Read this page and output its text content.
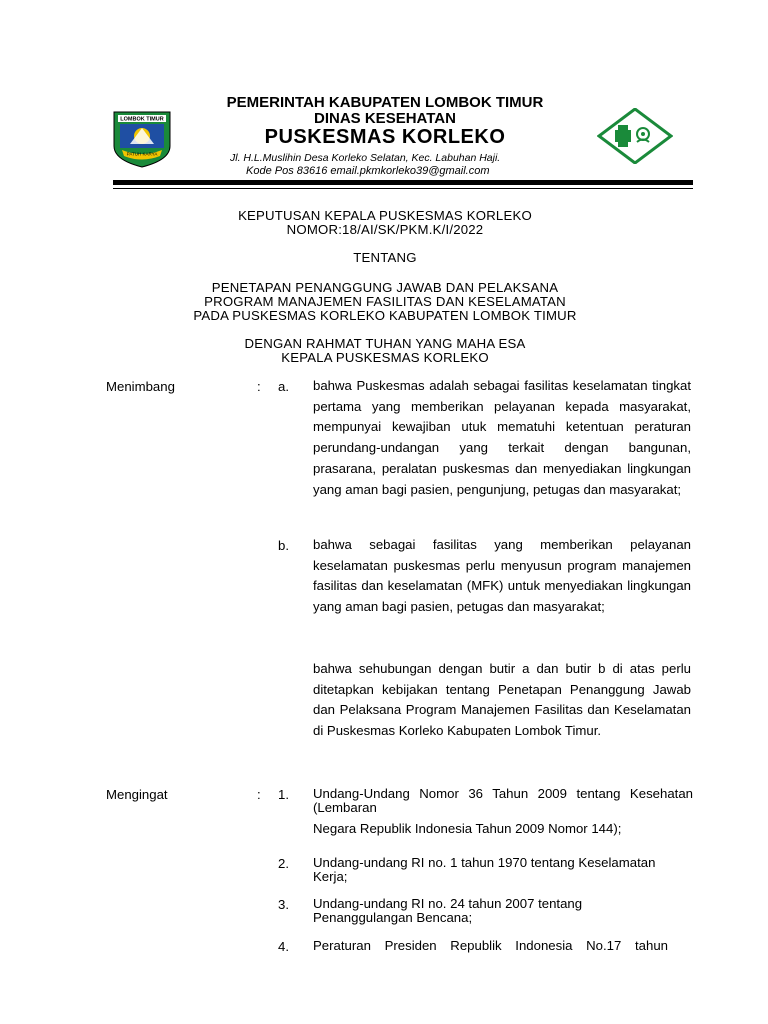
LOMBOK TIMUR
PATUH KARYA
PEMERINTAH KABUPATEN LOMBOK TIMUR
DINAS KESEHATAN
PUSKESMAS KORLEKO
Jl. H.L.Muslihin Desa Korleko Selatan, Kec. Labuhan Haji.
Kode Pos 83616 email.pkmkorleko39@gmail.com
KEPUTUSAN KEPALA PUSKESMAS KORLEKO
NOMOR:18/AI/SK/PKM.K/I/2022
TENTANG
PENETAPAN PENANGGUNG JAWAB DAN PELAKSANA
PROGRAM MANAJEMEN FASILITAS DAN KESELAMATAN
PADA PUSKESMAS KORLEKO KABUPATEN LOMBOK TIMUR
DENGAN RAHMAT TUHAN YANG MAHA ESA
KEPALA PUSKESMAS KORLEKO
Menimbang	: a. bahwa Puskesmas adalah sebagai fasilitas keselamatan tingkat pertama yang memberikan pelayanan kepada masyarakat, mempunyai kewajiban utuk mematuhi ketentuan peraturan perundang-undangan yang terkait dengan bangunan, prasarana, peralatan puskesmas dan menyediakan lingkungan yang aman bagi pasien, pengunjung, petugas dan masyarakat;
b. bahwa sebagai fasilitas yang memberikan pelayanan keselamatan puskesmas perlu menyusun program manajemen fasilitas dan keselamatan (MFK) untuk menyediakan lingkungan yang aman bagi pasien, petugas dan masyarakat;
bahwa sehubungan dengan butir a dan butir b di atas perlu ditetapkan kebijakan tentang Penetapan Penanggung Jawab dan Pelaksana Program Manajemen Fasilitas dan Keselamatan di Puskesmas Korleko Kabupaten Lombok Timur.
Mengingat	: 1. Undang-Undang Nomor 36 Tahun 2009 tentang Kesehatan (Lembaran
Negara Republik Indonesia Tahun 2009 Nomor 144);
2. Undang-undang RI no. 1 tahun 1970 tentang Keselamatan Kerja;
3. Undang-undang RI no. 24 tahun 2007 tentang Penanggulangan Bencana;
4. Peraturan Presiden Republik Indonesia No.17 tahun
